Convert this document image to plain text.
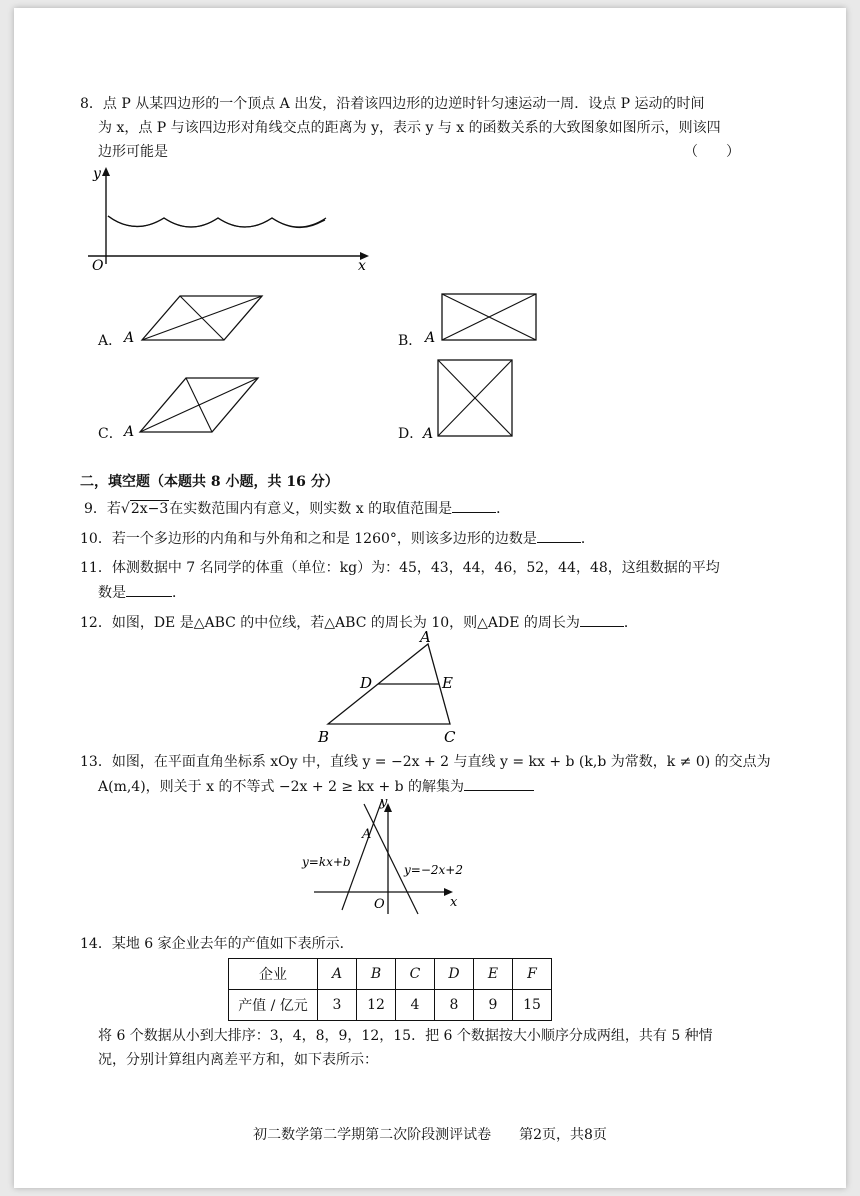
8．点 P 从某四边形的一个顶点 A 出发，沿着该四边形的边逆时针匀速运动一周．设点 P 运动的时间
为 x，点 P 与该四边形对角线交点的距离为 y，表示 y 与 x 的函数关系的大致图象如图所示，则该四
边形可能是	（　　）
y
x
O
A． A	B． A
C． A	D． A
二，填空题（本题共 8 小题，共 16 分）
9．若√2x−3在实数范围内有意义，则实数 x 的取值范围是	．
10．若一个多边形的内角和与外角和之和是 1260°，则该多边形的边数是	．
11．体测数据中 7 名同学的体重（单位：kg）为：45，43，44，46，52，44，48，这组数据的平均
数是	．
12．如图，DE 是△ABC 的中位线，若△ABC 的周长为 10，则△ADE 的周长为	．
A
D	E
B	C
13．如图，在平面直角坐标系 xOy 中，直线 y = −2x + 2 与直线 y = kx + b (k,b 为常数，k ≠ 0) 的交点为
A(m,4)，则关于 x 的不等式 −2x + 2 ≥ kx + b 的解集为
y
x
O
A
y=kx+b
y=−2x+2
14．某地 6 家企业去年的产值如下表所示．
企业	A	B	C	D	E	F
产值 / 亿元	3	12	4	8	9	15
将 6 个数据从小到大排序：3，4，8，9，12，15．把 6 个数据按大小顺序分成两组，共有 5 种情
况，分别计算组内离差平方和，如下表所示：
初二数学第二学期第二次阶段测评试卷　　第2页，共8页
